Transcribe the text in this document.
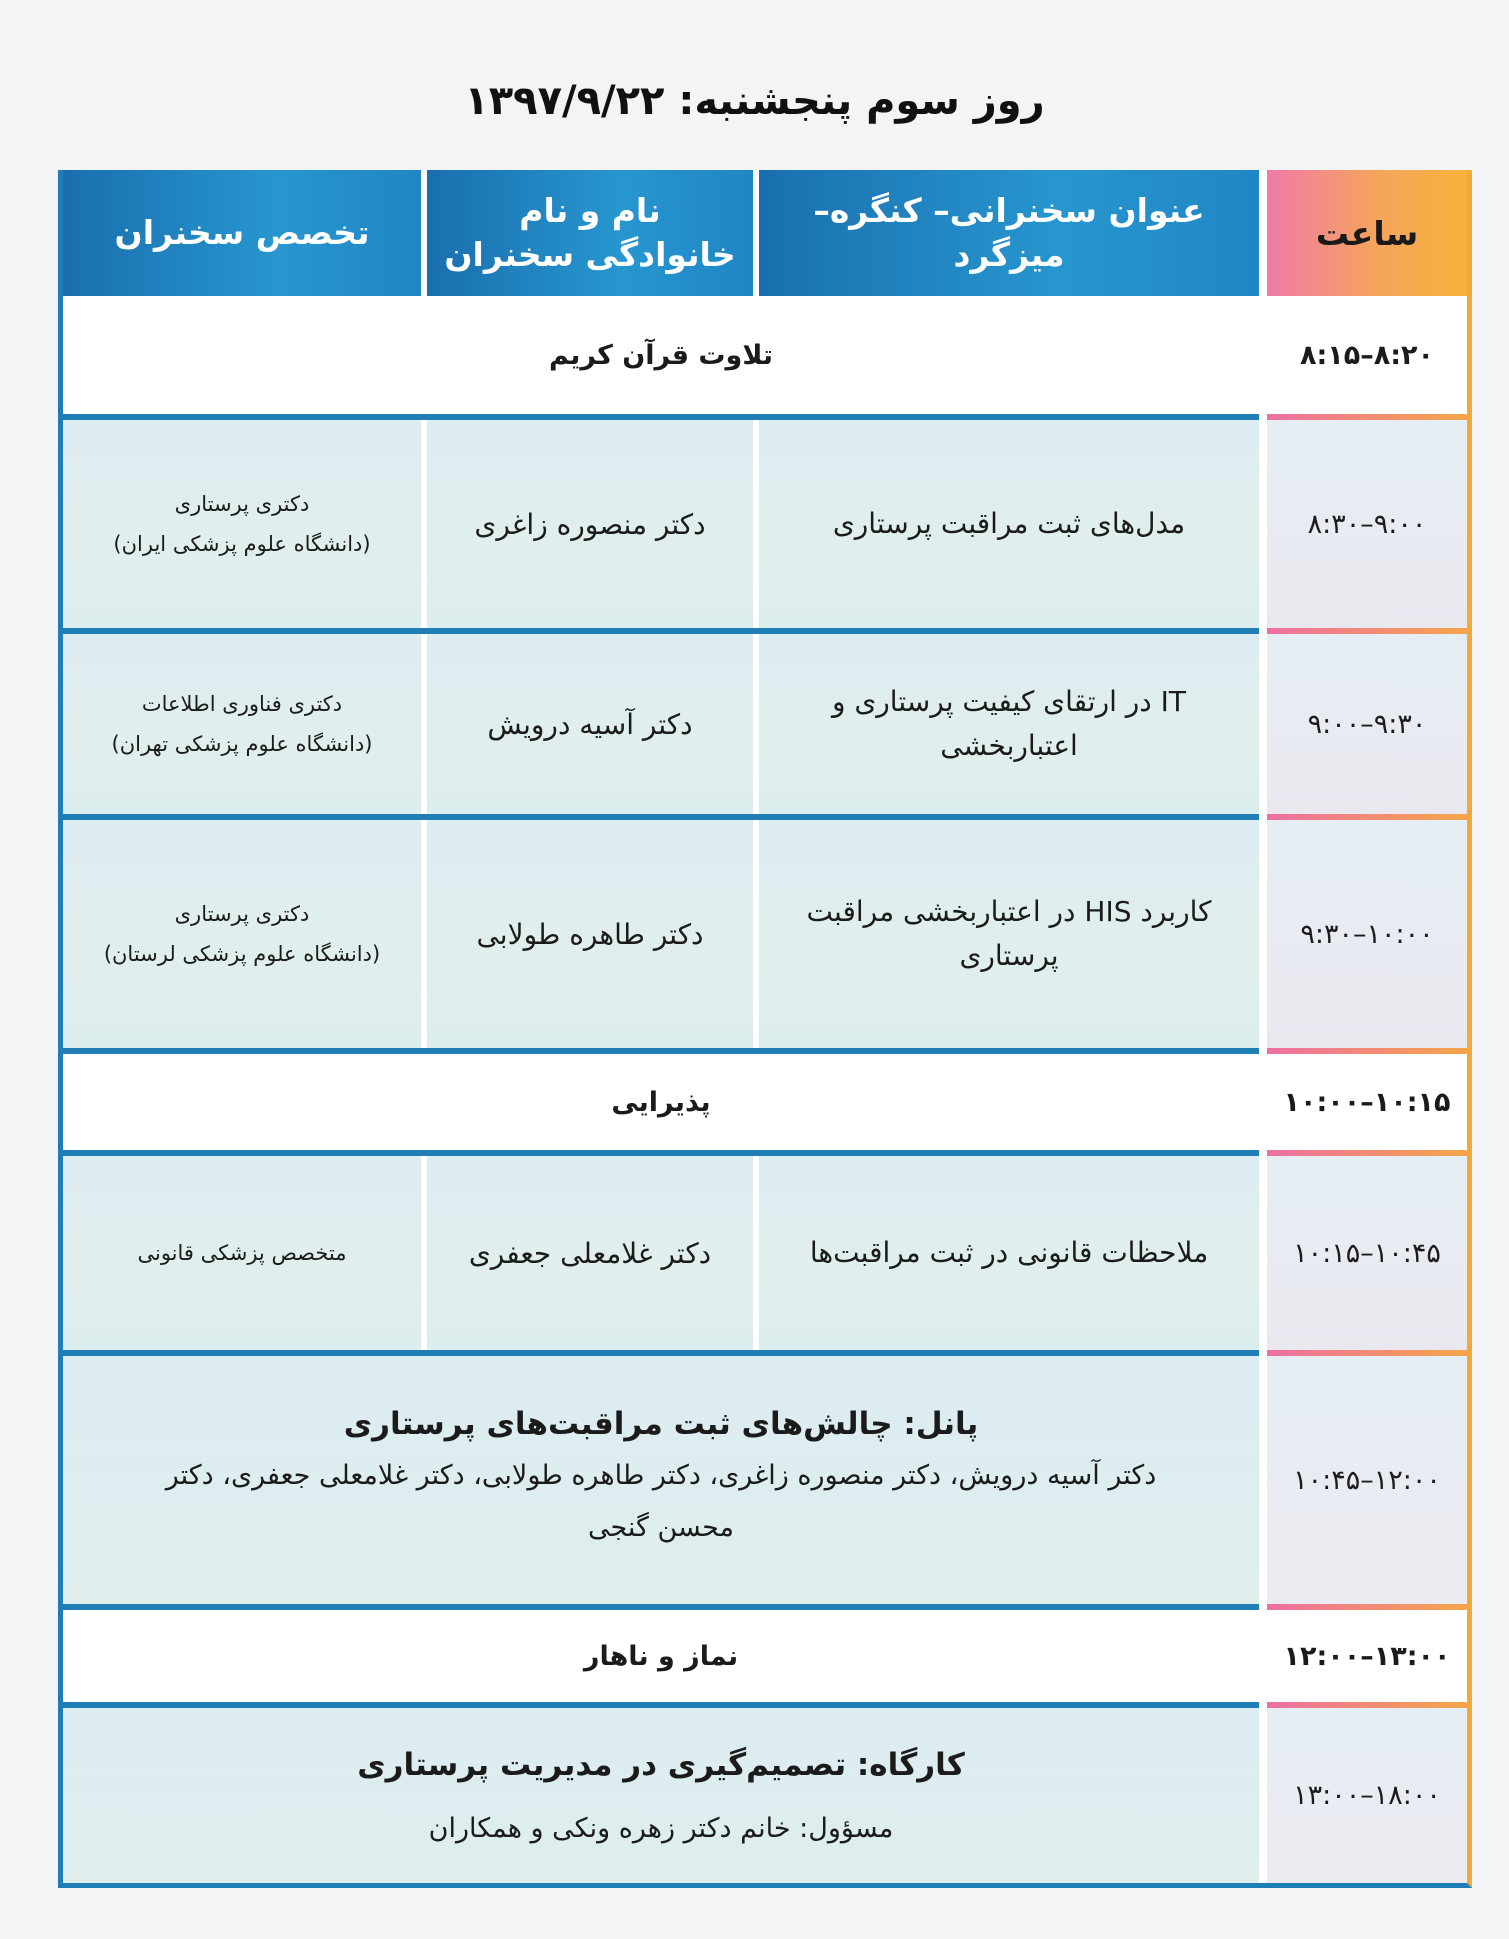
روز سوم پنجشنبه: ۱۳۹۷/۹/۲۲
ساعت
عنوان سخنرانی– کنگره– میزگرد
نام و نام خانوادگی سخنران
تخصص سخنران
۸:۱۵–۸:۲۰
تلاوت قرآن کریم
۸:۳۰–۹:۰۰
مدل‌های ثبت مراقبت پرستاری
دکتر منصوره زاغری
دکتری پرستاری
(دانشگاه علوم پزشکی ایران)
۹:۰۰–۹:۳۰
IT در ارتقای کیفیت پرستاری و اعتباربخشی
دکتر آسیه درویش
دکتری فناوری اطلاعات
(دانشگاه علوم پزشکی تهران)
۹:۳۰–۱۰:۰۰
کاربرد HIS در اعتباربخشی مراقبت پرستاری
دکتر طاهره طولابی
دکتری پرستاری
(دانشگاه علوم پزشکی لرستان)
۱۰:۰۰–۱۰:۱۵
پذیرایی
۱۰:۱۵–۱۰:۴۵
ملاحظات قانونی در ثبت مراقبت‌ها
دکتر غلامعلی جعفری
متخصص پزشکی قانونی
۱۰:۴۵–۱۲:۰۰
پانل: چالش‌های ثبت مراقبت‌های پرستاری
دکتر آسیه درویش، دکتر منصوره زاغری، دکتر طاهره طولابی، دکتر غلامعلی جعفری، دکتر محسن گنجی
۱۲:۰۰–۱۳:۰۰
نماز و ناهار
۱۳:۰۰–۱۸:۰۰
کارگاه: تصمیم‌گیری در مدیریت پرستاری
مسؤول: خانم دکتر زهره ونکی و همکاران
